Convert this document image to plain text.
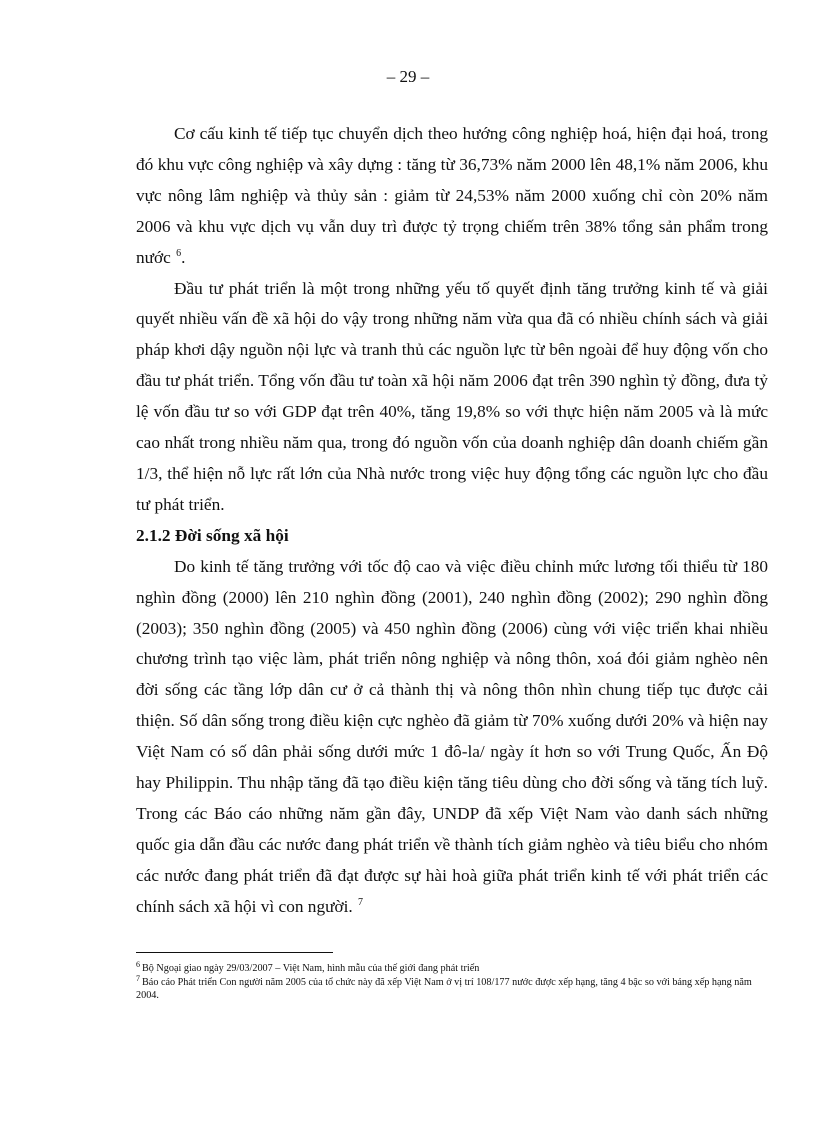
– 29 –

Cơ cấu kinh tế tiếp tục chuyển dịch theo hướng công nghiệp hoá, hiện đại hoá, trong đó khu vực công nghiệp và xây dựng : tăng từ 36,73% năm 2000 lên 48,1% năm 2006, khu vực nông lâm nghiệp và thủy sản : giảm từ 24,53% năm 2000 xuống chỉ còn 20% năm 2006 và khu vực dịch vụ vẫn duy trì được tỷ trọng chiếm trên 38% tổng sản phẩm trong nước $^6$.

Đầu tư phát triển là một trong những yếu tố quyết định tăng trưởng kinh tế và giải quyết nhiều vấn đề xã hội do vậy trong những năm vừa qua đã có nhiều chính sách và giải pháp khơi dậy nguồn nội lực và tranh thủ các nguồn lực từ bên ngoài để huy động vốn cho đầu tư phát triển. Tổng vốn đầu tư toàn xã hội năm 2006 đạt trên 390 nghìn tỷ đồng, đưa tỷ lệ vốn đầu tư so với GDP đạt trên 40%, tăng 19,8% so với thực hiện năm 2005 và là mức cao nhất trong nhiều năm qua, trong đó nguồn vốn của doanh nghiệp dân doanh chiếm gần 1/3, thể hiện nỗ lực rất lớn của Nhà nước trong việc huy động tổng các nguồn lực cho đầu tư phát triển.

2.1.2 Đời sống xã hội

Do kinh tế tăng trưởng với tốc độ cao và việc điều chỉnh mức lương tối thiểu từ 180 nghìn đồng (2000) lên 210 nghìn đồng (2001), 240 nghìn đồng (2002); 290 nghìn đồng (2003); 350 nghìn đồng (2005) và 450 nghìn đồng (2006) cùng với việc triển khai nhiều chương trình tạo việc làm, phát triển nông nghiệp và nông thôn, xoá đói giảm nghèo nên đời sống các tầng lớp dân cư ở cả thành thị và nông thôn nhìn chung tiếp tục được cải thiện. Số dân sống trong điều kiện cực nghèo đã giảm từ 70% xuống dưới 20% và hiện nay Việt Nam có số dân phải sống dưới mức 1 đô-la/ ngày ít hơn so với Trung Quốc, Ấn Độ hay Philippin. Thu nhập tăng đã tạo điều kiện tăng tiêu dùng cho đời sống và tăng tích luỹ. Trong các Báo cáo những năm gần đây, UNDP đã xếp Việt Nam vào danh sách những quốc gia dẫn đầu các nước đang phát triển về thành tích giảm nghèo và tiêu biểu cho nhóm các nước đang phát triển đã đạt được sự hài hoà giữa phát triển kinh tế với phát triển các chính sách xã hội vì con người. $^7$

$^6$ Bộ Ngoại giao ngày 29/03/2007 – Việt Nam, hình mẫu của thế giới đang phát triển

$^7$ Báo cáo Phát triển Con người năm 2005 của tổ chức này đã xếp Việt Nam ở vị trí 108/177 nước được xếp hạng, tăng 4 bậc so với bảng xếp hạng năm 2004.
